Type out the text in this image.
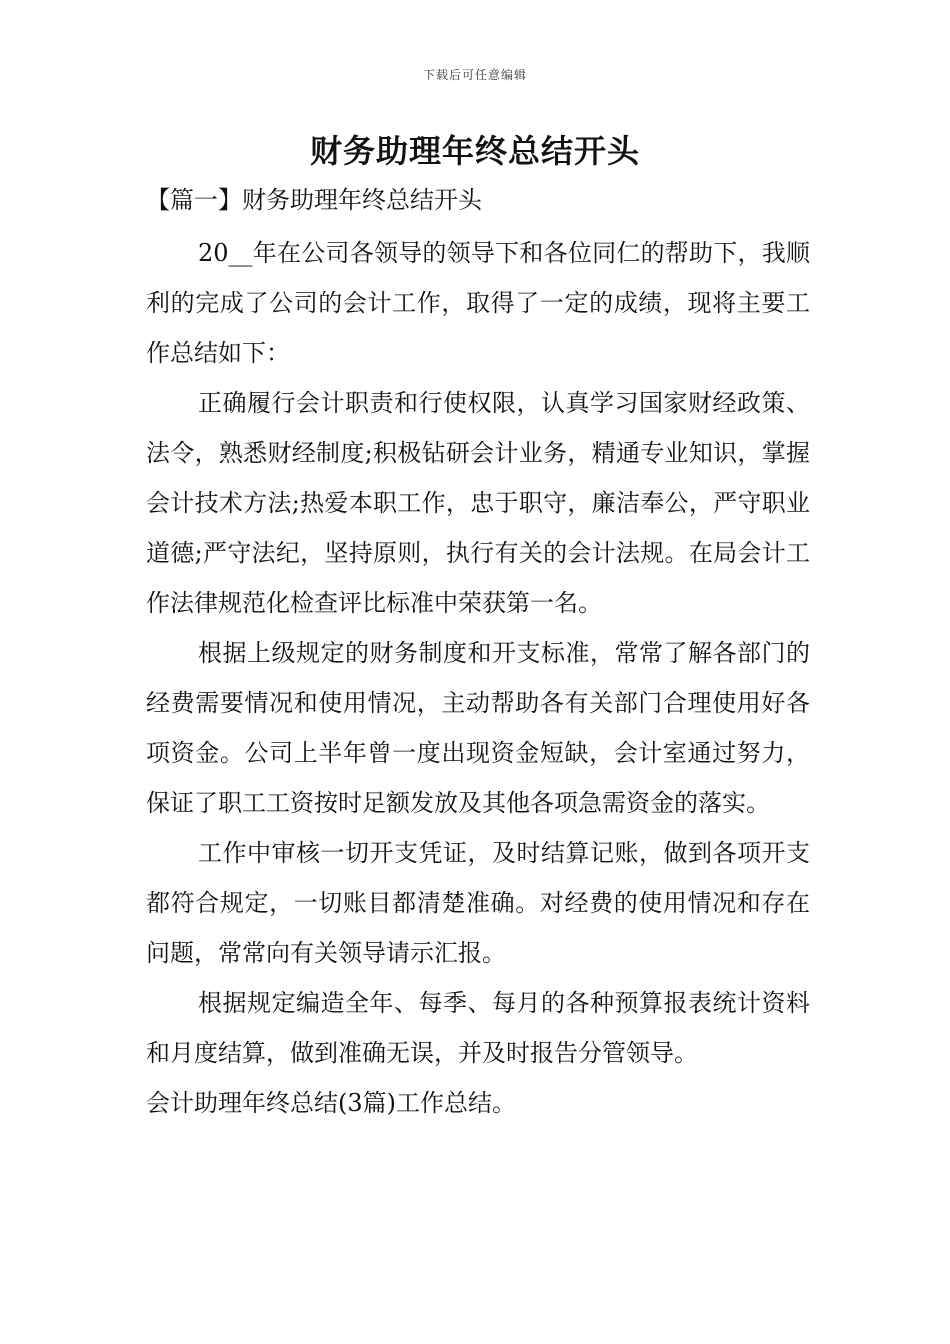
下载后可任意编辑
财务助理年终总结开头
【篇一】财务助理年终总结开头

20__年在公司各领导的领导下和各位同仁的帮助下，我顺利的完成了公司的会计工作，取得了一定的成绩，现将主要工作总结如下：

正确履行会计职责和行使权限，认真学习国家财经政策、法令，熟悉财经制度;积极钻研会计业务，精通专业知识，掌握会计技术方法;热爱本职工作，忠于职守，廉洁奉公，严守职业道德;严守法纪，坚持原则，执行有关的会计法规。在局会计工作法律规范化检查评比标准中荣获第一名。

根据上级规定的财务制度和开支标准，常常了解各部门的经费需要情况和使用情况，主动帮助各有关部门合理使用好各项资金。公司上半年曾一度出现资金短缺，会计室通过努力，保证了职工工资按时足额发放及其他各项急需资金的落实。

工作中审核一切开支凭证，及时结算记账，做到各项开支都符合规定，一切账目都清楚准确。对经费的使用情况和存在问题，常常向有关领导请示汇报。

根据规定编造全年、每季、每月的各种预算报表统计资料和月度结算，做到准确无误，并及时报告分管领导。

会计助理年终总结(3篇)工作总结。
